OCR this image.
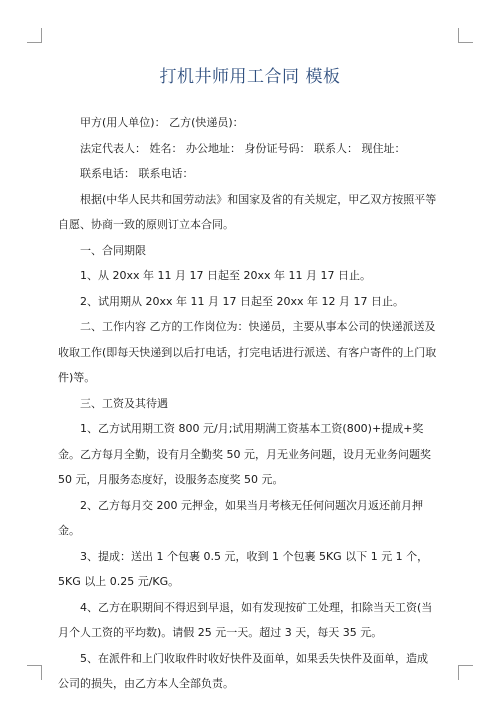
打机井师用工合同 模板

甲方(用人单位)： 乙方(快递员)：

法定代表人： 姓名： 办公地址： 身份证号码： 联系人： 现住址：

联系电话： 联系电话：

根据(中华人民共和国劳动法》和国家及省的有关规定，甲乙双方按照平等自愿、协商一致的原则订立本合同。

一、合同期限

1、从 20xx 年 11 月 17 日起至 20xx 年 11 月 17 日止。

2、试用期从 20xx 年 11 月 17 日起至 20xx 年 12 月 17 日止。

二、工作内容 乙方的工作岗位为：快递员，主要从事本公司的快递派送及收取工作(即每天快递到以后打电话，打完电话进行派送、有客户寄件的上门取件)等。

三、工资及其待遇

1、乙方试用期工资 800 元/月;试用期满工资基本工资(800)+提成+奖金。乙方每月全勤，设有月全勤奖 50 元，月无业务问题，设月无业务问题奖 50 元，月服务态度好，设服务态度奖 50 元。

2、乙方每月交 200 元押金，如果当月考核无任何问题次月返还前月押金。

3、提成：送出 1 个包裹 0.5 元，收到 1 个包裹 5KG 以下 1 元 1 个，5KG 以上 0.25 元/KG。

4、乙方在职期间不得迟到早退，如有发现按矿工处理，扣除当天工资(当月个人工资的平均数)。请假 25 元一天。超过 3 天，每天 35 元。

5、在派件和上门收取件时收好快件及面单，如果丢失快件及面单，造成公司的损失，由乙方本人全部负责。
